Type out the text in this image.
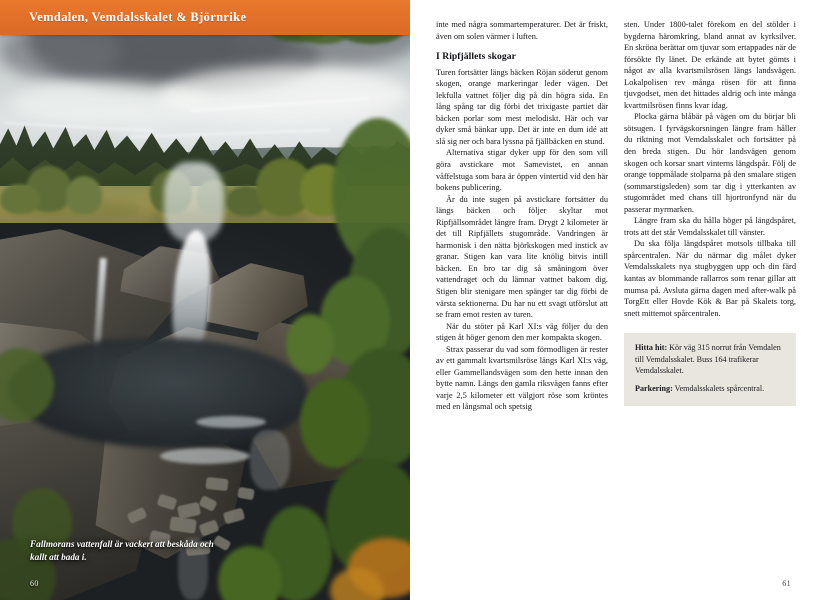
Fallmorans vattenfall är vackert att beskåda och kallt att bada i.
60
Vemdalen, Vemdalsskalet & Björnrike

inte med några sommartemperaturer. Det är friskt, även om solen värmer i luften.

I Ripfjällets skogar

Turen fortsätter längs bäcken Röjan söderut genom skogen, orange markeringar leder vägen. Det lekfulla vattnet följer dig på din högra sida. En lång spång tar dig förbi det trixigaste partiet där bäcken porlar som mest melodiskt. Här och var dyker små bänkar upp. Det är inte en dum idé att slå sig ner och bara lyssna på fjällbäcken en stund.

Alternativa stigar dyker upp för den som vill göra avstickare mot Samevistet, en annan våffelstuga som bara är öppen vintertid vid den här bokens publicering.

Är du inte sugen på avstickare fortsätter du längs bäcken och följer skyltar mot Ripfjällsområdet längre fram. Drygt 2 kilometer är det till Ripfjällets stugområde. Vandringen är harmonisk i den nätta björkskogen med instick av granar. Stigen kan vara lite knölig bitvis intill bäcken. En bro tar dig så småningom över vattendraget och du lämnar vattnet bakom dig. Stigen blir stenigare men spänger tar dig förbi de värsta sektionerna. Du har nu ett svagt utförslut att se fram emot resten av turen.

När du stöter på Karl XI:s väg följer du den stigen åt höger genom den mer kompakta skogen.

Strax passerar du vad som förmodligen är rester av ett gammalt kvartsmilsröse längs Karl XI:s väg, eller Gammellandsvägen som den hette innan den bytte namn. Längs den gamla riksvägen fanns efter varje 2,5 kilometer ett välgjort röse som kröntes med en långsmal och spetsig

sten. Under 1800-talet förekom en del stölder i bygderna häromkring, bland annat av kyrksilver. En skröna berättar om tjuvar som ertappades när de försökte fly länet. De erkände att bytet gömts i något av alla kvartsmilsrösen längs landsvägen. Lokalpolisen rev många rösen för att finna tjuvgodset, men det hittades aldrig och inte många kvartmilsrösen finns kvar idag.

Plocka gärna blåbär på vägen om du börjar bli sötsugen. I fyrvägskorsningen längre fram håller du riktning mot Vemdalsskalet och fortsätter på den breda stigen. Du hör landsvägen genom skogen och korsar snart vinterns längdspår. Följ de orange toppmålade stolparna på den smalare stigen (sommarstigsleden) som tar dig i ytterkanten av stugområdet med chans till hjortronfynd när du passerar myrmarken.

Längre fram ska du hålla höger på längdspåret, trots att det står Vemdalsskalet till vänster.

Du ska följa längdspåret motsols tillbaka till spårcentralen. När du närmar dig målet dyker Vemdalsskalets nya stugbyggen upp och din färd kantas av blommande rallarros som renar gillar att mumsa på. Avsluta gärna dagen med after-walk på TorgEtt eller Hovde Kök & Bar på Skalets torg, snett mittemot spårcentralen.

Hitta hit: Kör väg 315 norrut från Vemdalen till Vemdalsskalet. Buss 164 trafikerar Vemdalsskalet.

Parkering: Vemdalsskalets spårcentral.

61
